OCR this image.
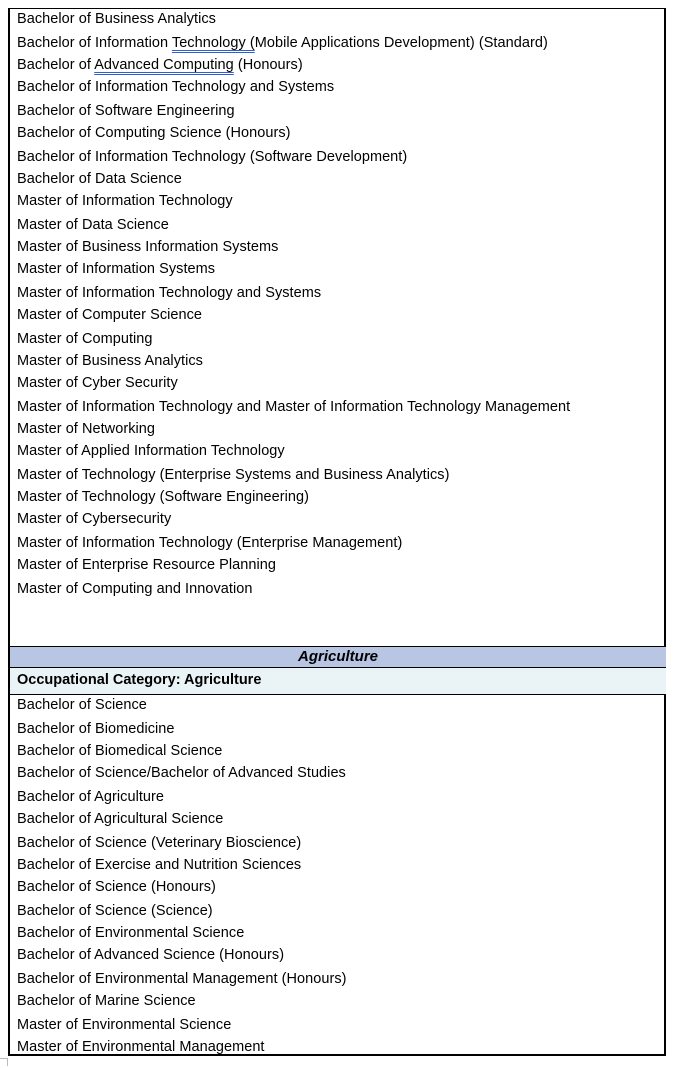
Bachelor of Business Analytics
Bachelor of Information Technology (Mobile Applications Development) (Standard)
Bachelor of Advanced Computing (Honours)
Bachelor of Information Technology and Systems
Bachelor of Software Engineering
Bachelor of Computing Science (Honours)
Bachelor of Information Technology (Software Development)
Bachelor of Data Science
Master of Information Technology
Master of Data Science
Master of Business Information Systems
Master of Information Systems
Master of Information Technology and Systems
Master of Computer Science
Master of Computing
Master of Business Analytics
Master of Cyber Security
Master of Information Technology and Master of Information Technology Management
Master of Networking
Master of Applied Information Technology
Master of Technology (Enterprise Systems and Business Analytics)
Master of Technology (Software Engineering)
Master of Cybersecurity
Master of Information Technology (Enterprise Management)
Master of Enterprise Resource Planning
Master of Computing and Innovation
Agriculture
Occupational Category: Agriculture
Bachelor of Science
Bachelor of Biomedicine
Bachelor of Biomedical Science
Bachelor of Science/Bachelor of Advanced Studies
Bachelor of Agriculture
Bachelor of Agricultural Science
Bachelor of Science (Veterinary Bioscience)
Bachelor of Exercise and Nutrition Sciences
Bachelor of Science (Honours)
Bachelor of Science (Science)
Bachelor of Environmental Science
Bachelor of Advanced Science (Honours)
Bachelor of Environmental Management (Honours)
Bachelor of Marine Science
Master of Environmental Science
Master of Environmental Management
